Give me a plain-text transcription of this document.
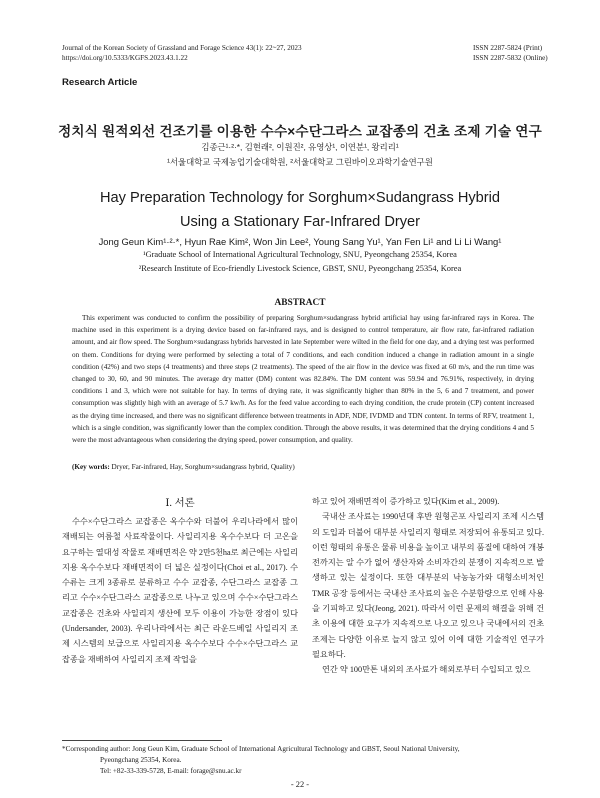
Journal of the Korean Society of Grassland and Forage Science 43(1): 22~27, 2023
https://doi.org/10.5333/KGFS.2023.43.1.22
ISSN 2287-5824 (Print)
ISSN 2287-5832 (Online)
Research Article
정치식 원적외선 건조기를 이용한 수수×수단그라스 교잡종의 건초 조제 기술 연구
김종근¹·²·*, 김현래², 이원진², 유영상¹, 이연분¹, 왕리리¹
¹서울대학교 국제농업기술대학원, ²서울대학교 그린바이오과학기술연구원
Hay Preparation Technology for Sorghum×Sudangrass Hybrid
Using a Stationary Far-Infrared Dryer
Jong Geun Kim¹·²·*, Hyun Rae Kim², Won Jin Lee², Young Sang Yu¹, Yan Fen Li¹ and Li Li Wang¹
¹Graduate School of International Agricultural Technology, SNU, Pyeongchang 25354, Korea
²Research Institute of Eco-friendly Livestock Science, GBST, SNU, Pyeongchang 25354, Korea
ABSTRACT
This experiment was conducted to confirm the possibility of preparing Sorghum×sudangrass hybrid artificial hay using far-infrared rays in Korea. The machine used in this experiment is a drying device based on far-infrared rays, and is designed to control temperature, air flow rate, far-infrared radiation amount, and air flow speed. The Sorghum×sudangrass hybrids harvested in late September were wilted in the field for one day, and a drying test was performed on them. Conditions for drying were performed by selecting a total of 7 conditions, and each condition induced a change in radiation amount in a single condition (42%) and two steps (4 treatments) and three steps (2 treatments). The speed of the air flow in the device was fixed at 60 m/s, and the run time was changed to 30, 60, and 90 minutes. The average dry matter (DM) content was 82.84%. The DM content was 59.94 and 76.91%, respectively, in drying conditions 1 and 3, which were not suitable for hay. In terms of drying rate, it was significantly higher than 80% in the 5, 6 and 7 treatment, and power consumption was slightly high with an average of 5.7 kw/h. As for the feed value according to each drying condition, the crude protein (CP) content increased as the drying time increased, and there was no significant difference between treatments in ADF, NDF, IVDMD and TDN content. In terms of RFV, treatment 1, which is a single condition, was significantly lower than the complex condition. Through the above results, it was determined that the drying conditions 4 and 5 were the most advantageous when considering the drying speed, power consumption, and quality.
(Key words: Dryer, Far-infrared, Hay, Sorghum×sudangrass hybrid, Quality)
Ⅰ. 서론

수수×수단그라스 교잡종은 옥수수와 더불어 우리나라에서 많이 재배되는 여름철 사료작물이다. 사일리지용 옥수수보다 더 고온을 요구하는 열대성 작물로 재배면적은 약 2만5천ha로 최근에는 사일리지용 옥수수보다 재배면적이 더 넓은 실정이다(Choi et al., 2017). 수수류는 크게 3종류로 분류하고 수수 교잡종, 수단그라스 교잡종 그리고 수수×수단그라스 교잡종으로 나누고 있으며 수수×수단그라스 교잡종은 건초와 사일리지 생산에 모두 이용이 가능한 장점이 있다(Undersander, 2003). 우리나라에서는 최근 라운드베일 사일리지 조제 시스템의 보급으로 사일리지용 옥수수보다 수수×수단그라스 교잡종을 재배하여 사일리지 조제 작업을

하고 있어 재배면적이 증가하고 있다(Kim et al., 2009).

국내산 조사료는 1990년대 후반 원형곤포 사일리지 조제 시스템의 도입과 더불어 대부분 사일리지 형태로 저장되어 유통되고 있다. 이런 형태의 유통은 물류 비용을 높이고 내부의 품질에 대하여 개봉 전까지는 알 수가 없어 생산자와 소비자간의 분쟁이 지속적으로 발생하고 있는 실정이다. 또한 대부분의 낙농농가와 대형소비처인 TMR 공장 등에서는 국내산 조사료의 높은 수분함량으로 인해 사용을 기피하고 있다(Jeong, 2021). 따라서 이런 문제의 해결을 위해 건초 이용에 대한 요구가 지속적으로 나오고 있으나 국내에서의 건초 조제는 다양한 이유로 늘지 않고 있어 이에 대한 기술적인 연구가 필요하다.

연간 약 100만톤 내외의 조사료가 해외로부터 수입되고 있으

*Corresponding author: Jong Geun Kim, Graduate School of International Agricultural Technology and GBST, Seoul National University,
Pyeongchang 25354, Korea.
Tel: +82-33-339-5728, E-mail: forage@snu.ac.kr
- 22 -
